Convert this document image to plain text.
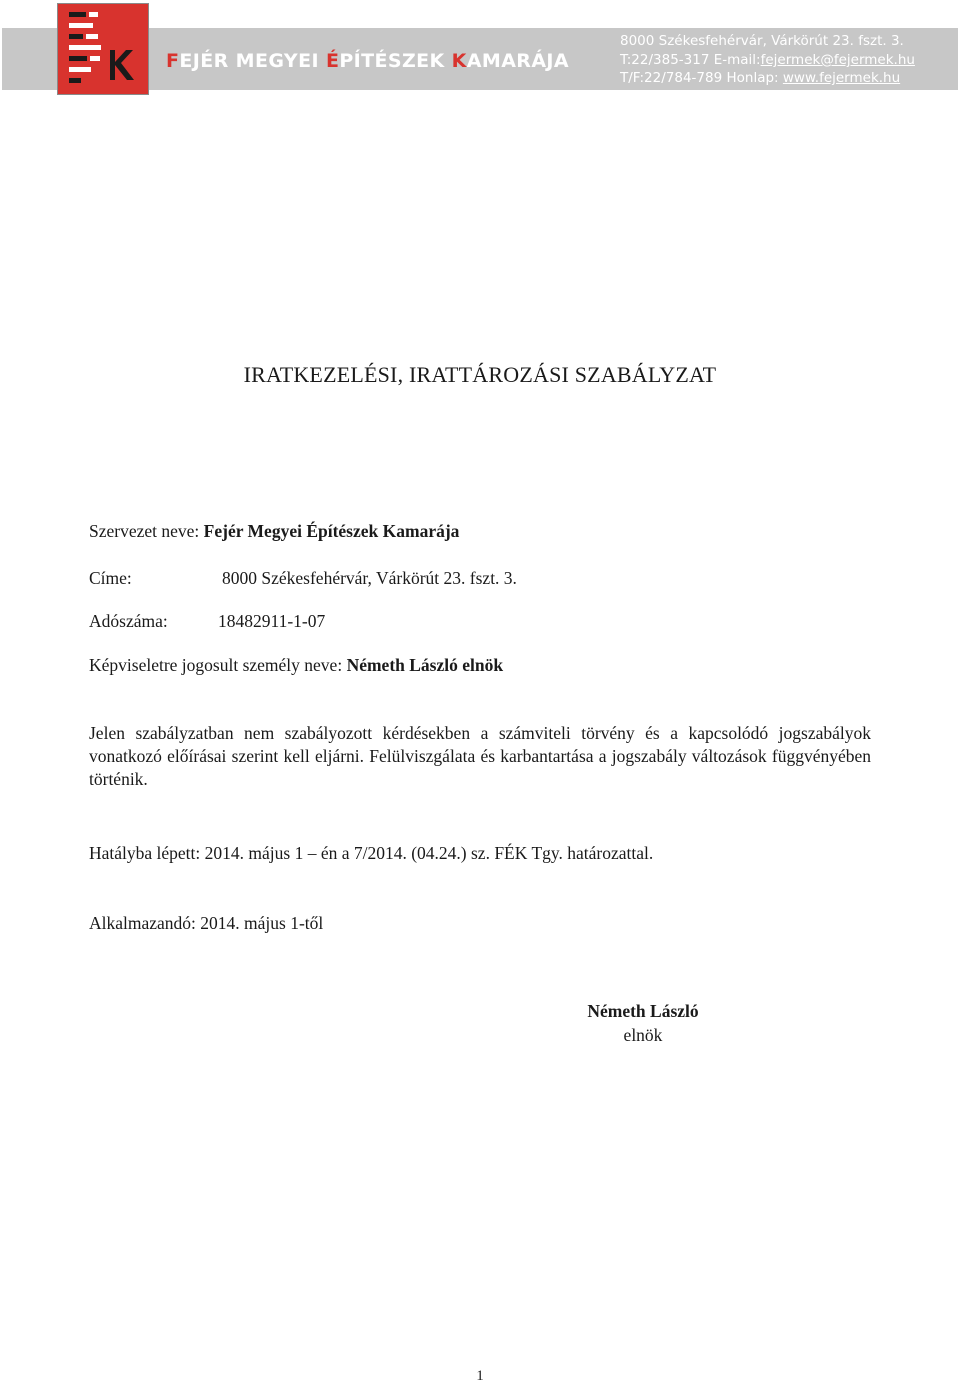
FEJÉR MEGYEI ÉPÍTÉSZEK KAMARÁJA
8000 Székesfehérvár, Várkörút 23. fszt. 3.
T:22/385-317 E-mail:fejermek@fejermek.hu
T/F:22/784-789 Honlap: www.fejermek.hu
IRATKEZELÉSI, IRATTÁROZÁSI SZABÁLYZAT
Szervezet neve: Fejér Megyei Építészek Kamarája
Címe:	8000 Székesfehérvár, Várkörút 23. fszt. 3.
Adószáma:	18482911-1-07
Képviseletre jogosult személy neve: Németh László elnök
Jelen szabályzatban nem szabályozott kérdésekben a számviteli törvény és a kapcsolódó jogszabályok vonatkozó előírásai szerint kell eljárni. Felülviszgálata és karbantartása a jogszabály változások függvényében történik.
Hatályba lépett: 2014. május 1 – én a 7/2014. (04.24.) sz. FÉK Tgy. határozattal.
Alkalmazandó: 2014. május 1-től
Németh László
elnök
1
